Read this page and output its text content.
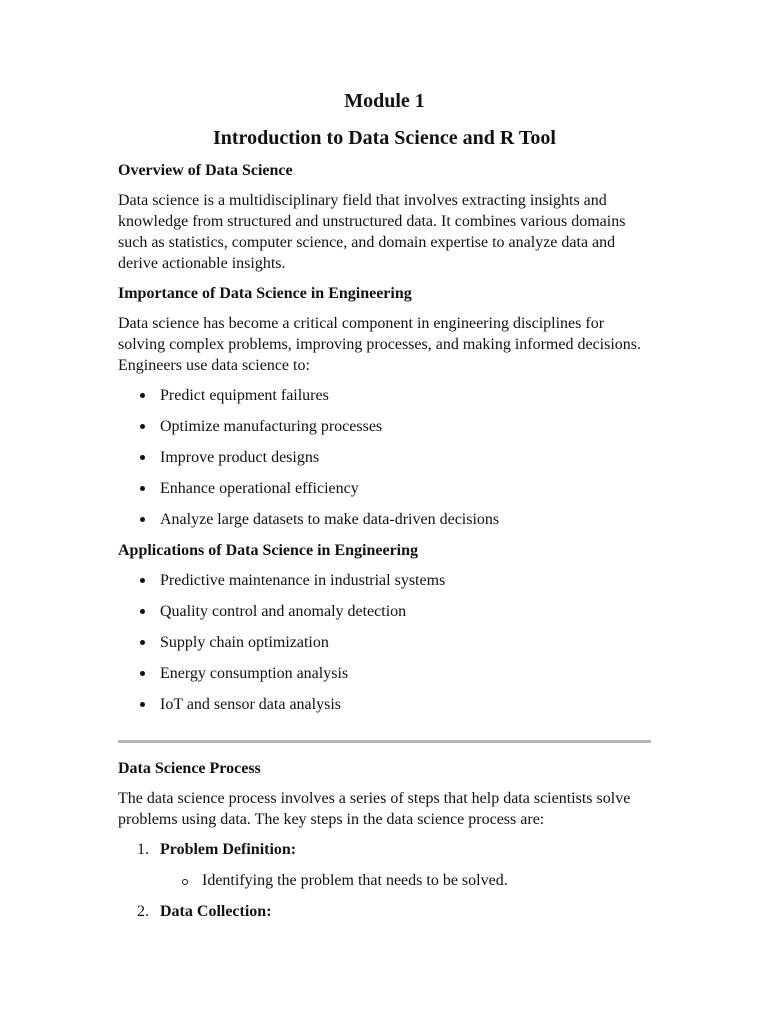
Module 1
Introduction to Data Science and R Tool
Overview of Data Science

Data science is a multidisciplinary field that involves extracting insights and knowledge from structured and unstructured data. It combines various domains such as statistics, computer science, and domain expertise to analyze data and derive actionable insights.

Importance of Data Science in Engineering

Data science has become a critical component in engineering disciplines for solving complex problems, improving processes, and making informed decisions. Engineers use data science to:

Predict equipment failures
Optimize manufacturing processes
Improve product designs
Enhance operational efficiency
Analyze large datasets to make data-driven decisions
Applications of Data Science in Engineering
Predictive maintenance in industrial systems
Quality control and anomaly detection
Supply chain optimization
Energy consumption analysis
IoT and sensor data analysis
Data Science Process

The data science process involves a series of steps that help data scientists solve problems using data. The key steps in the data science process are:

1. Problem Definition:
Identifying the problem that needs to be solved.
2. Data Collection:
